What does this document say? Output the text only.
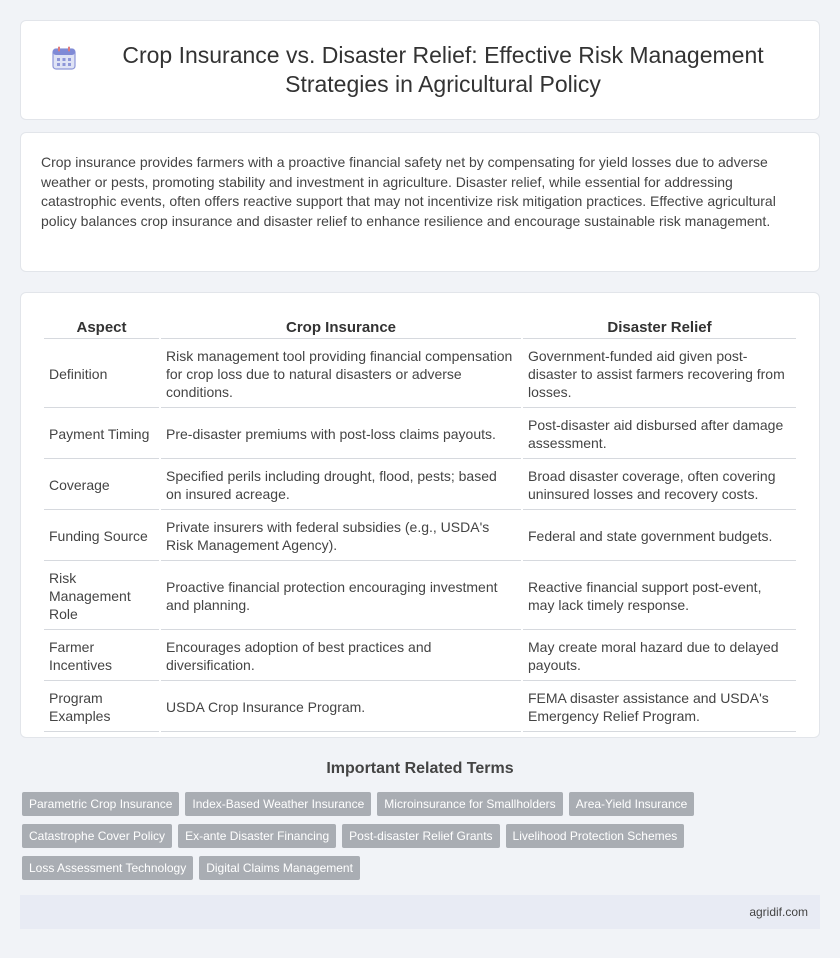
Crop Insurance vs. Disaster Relief: Effective Risk Management Strategies in Agricultural Policy

Crop insurance provides farmers with a proactive financial safety net by compensating for yield losses due to adverse weather or pests, promoting stability and investment in agriculture. Disaster relief, while essential for addressing catastrophic events, often offers reactive support that may not incentivize risk mitigation practices. Effective agricultural policy balances crop insurance and disaster relief to enhance resilience and encourage sustainable risk management.

Aspect	Crop Insurance	Disaster Relief
Definition	Risk management tool providing financial compensation for crop loss due to natural disasters or adverse conditions.	Government-funded aid given post-disaster to assist farmers recovering from losses.
Payment Timing	Pre-disaster premiums with post-loss claims payouts.	Post-disaster aid disbursed after damage assessment.
Coverage	Specified perils including drought, flood, pests; based on insured acreage.	Broad disaster coverage, often covering uninsured losses and recovery costs.
Funding Source	Private insurers with federal subsidies (e.g., USDA's Risk Management Agency).	Federal and state government budgets.
Risk Management Role	Proactive financial protection encouraging investment and planning.	Reactive financial support post-event, may lack timely response.
Farmer Incentives	Encourages adoption of best practices and diversification.	May create moral hazard due to delayed payouts.
Program Examples	USDA Crop Insurance Program.	FEMA disaster assistance and USDA's Emergency Relief Program.
Important Related Terms
Parametric Crop Insurance	Index-Based Weather Insurance	Microinsurance for Smallholders	Area-Yield Insurance
Catastrophe Cover Policy	Ex-ante Disaster Financing	Post-disaster Relief Grants	Livelihood Protection Schemes
Loss Assessment Technology	Digital Claims Management
agridif.com
